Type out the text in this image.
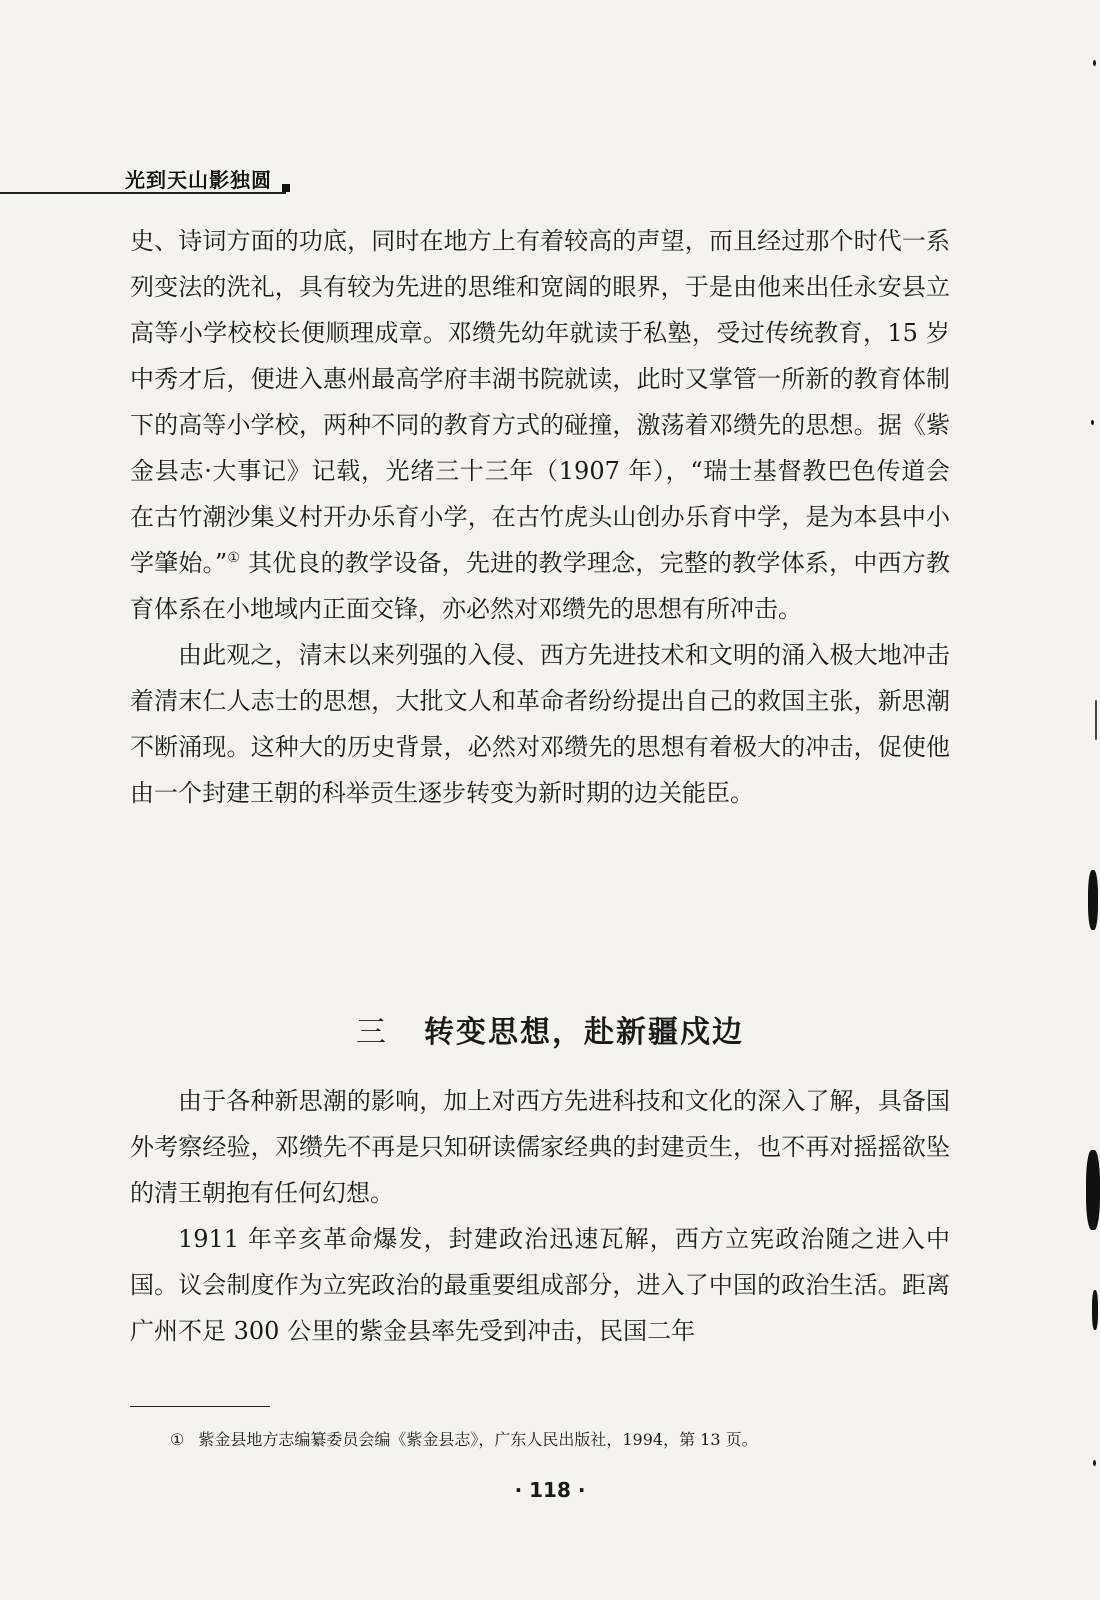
光到天山影独圆

史、诗词方面的功底，同时在地方上有着较高的声望，而且经过那个时代一系列变法的洗礼，具有较为先进的思维和宽阔的眼界，于是由他来出任永安县立高等小学校校长便顺理成章。邓缵先幼年就读于私塾，受过传统教育，15 岁中秀才后，便进入惠州最高学府丰湖书院就读，此时又掌管一所新的教育体制下的高等小学校，两种不同的教育方式的碰撞，激荡着邓缵先的思想。据《紫金县志·大事记》记载，光绪三十三年（1907 年），“瑞士基督教巴色传道会在古竹潮沙集义村开办乐育小学，在古竹虎头山创办乐育中学，是为本县中小学肇始。”① 其优良的教学设备，先进的教学理念，完整的教学体系，中西方教育体系在小地域内正面交锋，亦必然对邓缵先的思想有所冲击。

由此观之，清末以来列强的入侵、西方先进技术和文明的涌入极大地冲击着清末仁人志士的思想，大批文人和革命者纷纷提出自己的救国主张，新思潮不断涌现。这种大的历史背景，必然对邓缵先的思想有着极大的冲击，促使他由一个封建王朝的科举贡生逐步转变为新时期的边关能臣。

三 转变思想，赴新疆戍边

由于各种新思潮的影响，加上对西方先进科技和文化的深入了解，具备国外考察经验，邓缵先不再是只知研读儒家经典的封建贡生，也不再对摇摇欲坠的清王朝抱有任何幻想。

1911 年辛亥革命爆发，封建政治迅速瓦解，西方立宪政治随之进入中国。议会制度作为立宪政治的最重要组成部分，进入了中国的政治生活。距离广州不足 300 公里的紫金县率先受到冲击，民国二年

① 紫金县地方志编纂委员会编《紫金县志》，广东人民出版社，1994，第 13 页。
· 118 ·
